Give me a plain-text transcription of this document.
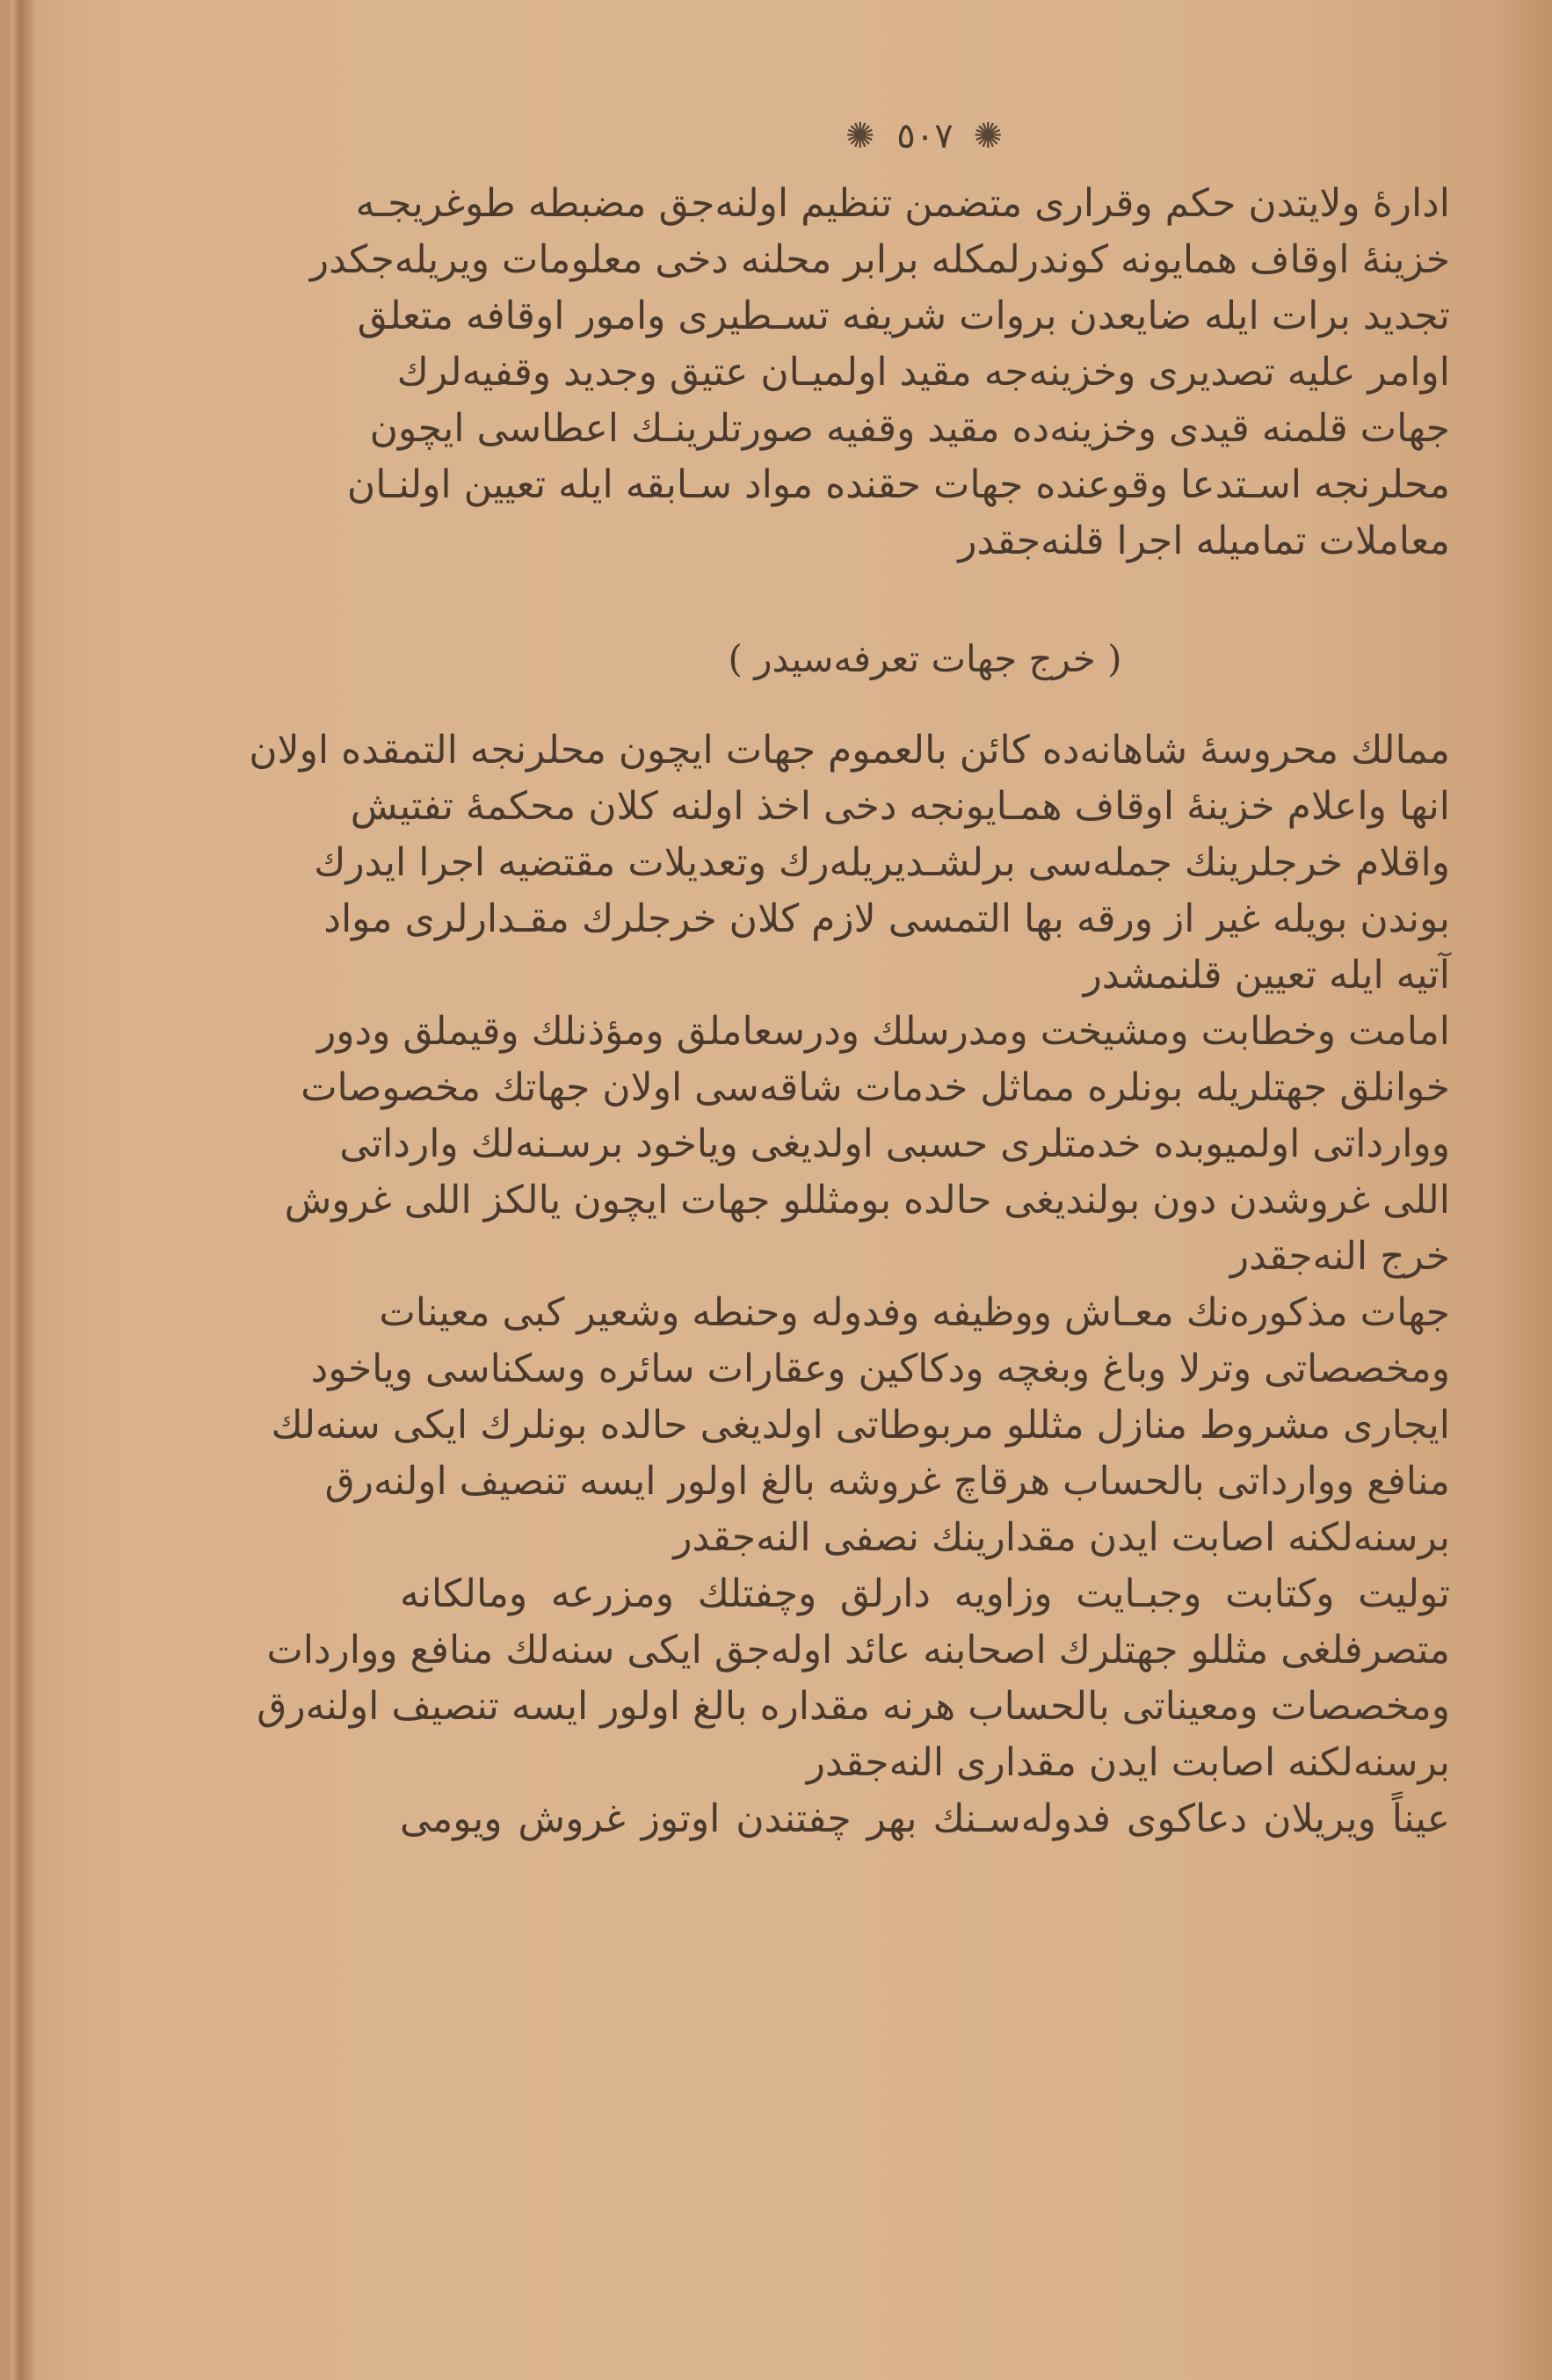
✺ ٥٠٧ ✺
ادارهٔ ولایتدن حکم وقراری متضمن تنظیم اولنه‌جق مضبطه طوغریجـه
خزینهٔ اوقاف همایونه کوندرلمکله برابر محلنه دخی معلومات ویریله‌جکدر
تجدید برات ایله ضایعدن بروات شریفه تسـطیری وامور اوقافه متعلق
اوامر علیه تصدیری وخزینه‌جه مقید اولمیـان عتیق وجدید وقفیه‌لرك
جهات قلمنه قیدی وخزینه‌ده مقید وقفیه صورتلرینـك اعطاسی ایچون
محلرنجه اسـتدعا وقوعنده جهات حقنده مواد سـابقه ایله تعیین اولنـان
معاملات تماميله اجرا قلنه‌جقدر
( خرج جهات تعرفه‌سیدر )
ممالك محروسهٔ شاهانه‌ده كائن بالعموم جهات ایچون محلرنجه التمقده اولان
انها واعلام خزینهٔ اوقاف همـایونجه دخی اخذ اولنه کلان محکمهٔ تفتیش
واقلام خرجلرینك جمله‌سی برلشـدیریله‌رك وتعدیلات مقتضیه اجرا ایدرك
بوندن بویله غیر از ورقه بها التمسی لازم کلان خرجلرك مقـدارلری مواد
آتیه ایله تعیین قلنمشدر
امامت وخطابت ومشیخت ومدرسلك ودرسعاملق ومؤذنلك وقیملق ودور
خوانلق جهتلریله بونلره مماثل خدمات شاقه‌سی اولان جهاتك مخصوصات
ووارداتی اولمیوبده خدمتلری حسبی اولدیغی ویاخود برسـنه‌لك وارداتی
اللی غروشدن دون بولندیغی حالده بومثللو جهات ایچون یالکز اللی غروش
خرج النه‌جقدر
جهات مذکوره‌نك معـاش ووظیفه وفدوله وحنطه وشعیر کبی معینات
ومخصصاتی وترلا وباغ وبغچه ودکاکین وعقارات سائره وسکناسی ویاخود
ایجاری مشروط منازل مثللو مربوطاتی اولدیغی حالده بونلرك ایکی سنه‌لك
منافع ووارداتی بالحساب هرقاچ غروشه بالغ اولور ایسه تنصیف اولنه‌رق
برسنه‌لکنه اصابت ایدن مقدارینك نصفی النه‌جقدر
تولیت وکتابت وجبـایت وزاویه دارلق وچفتلك ومزرعه ومالکانه
متصرفلغی مثللو جهتلرك اصحابنه عائد اوله‌جق ایکی سنه‌لك منافع وواردات
ومخصصات ومعیناتی بالحساب هرنه مقداره بالغ اولور ایسه تنصیف اولنه‌رق
برسنه‌لکنه اصابت ایدن مقداری النه‌جقدر
عیناً ویریلان دعاکوی فدوله‌سـنك بهر چفتندن اوتوز غروش ویومی
